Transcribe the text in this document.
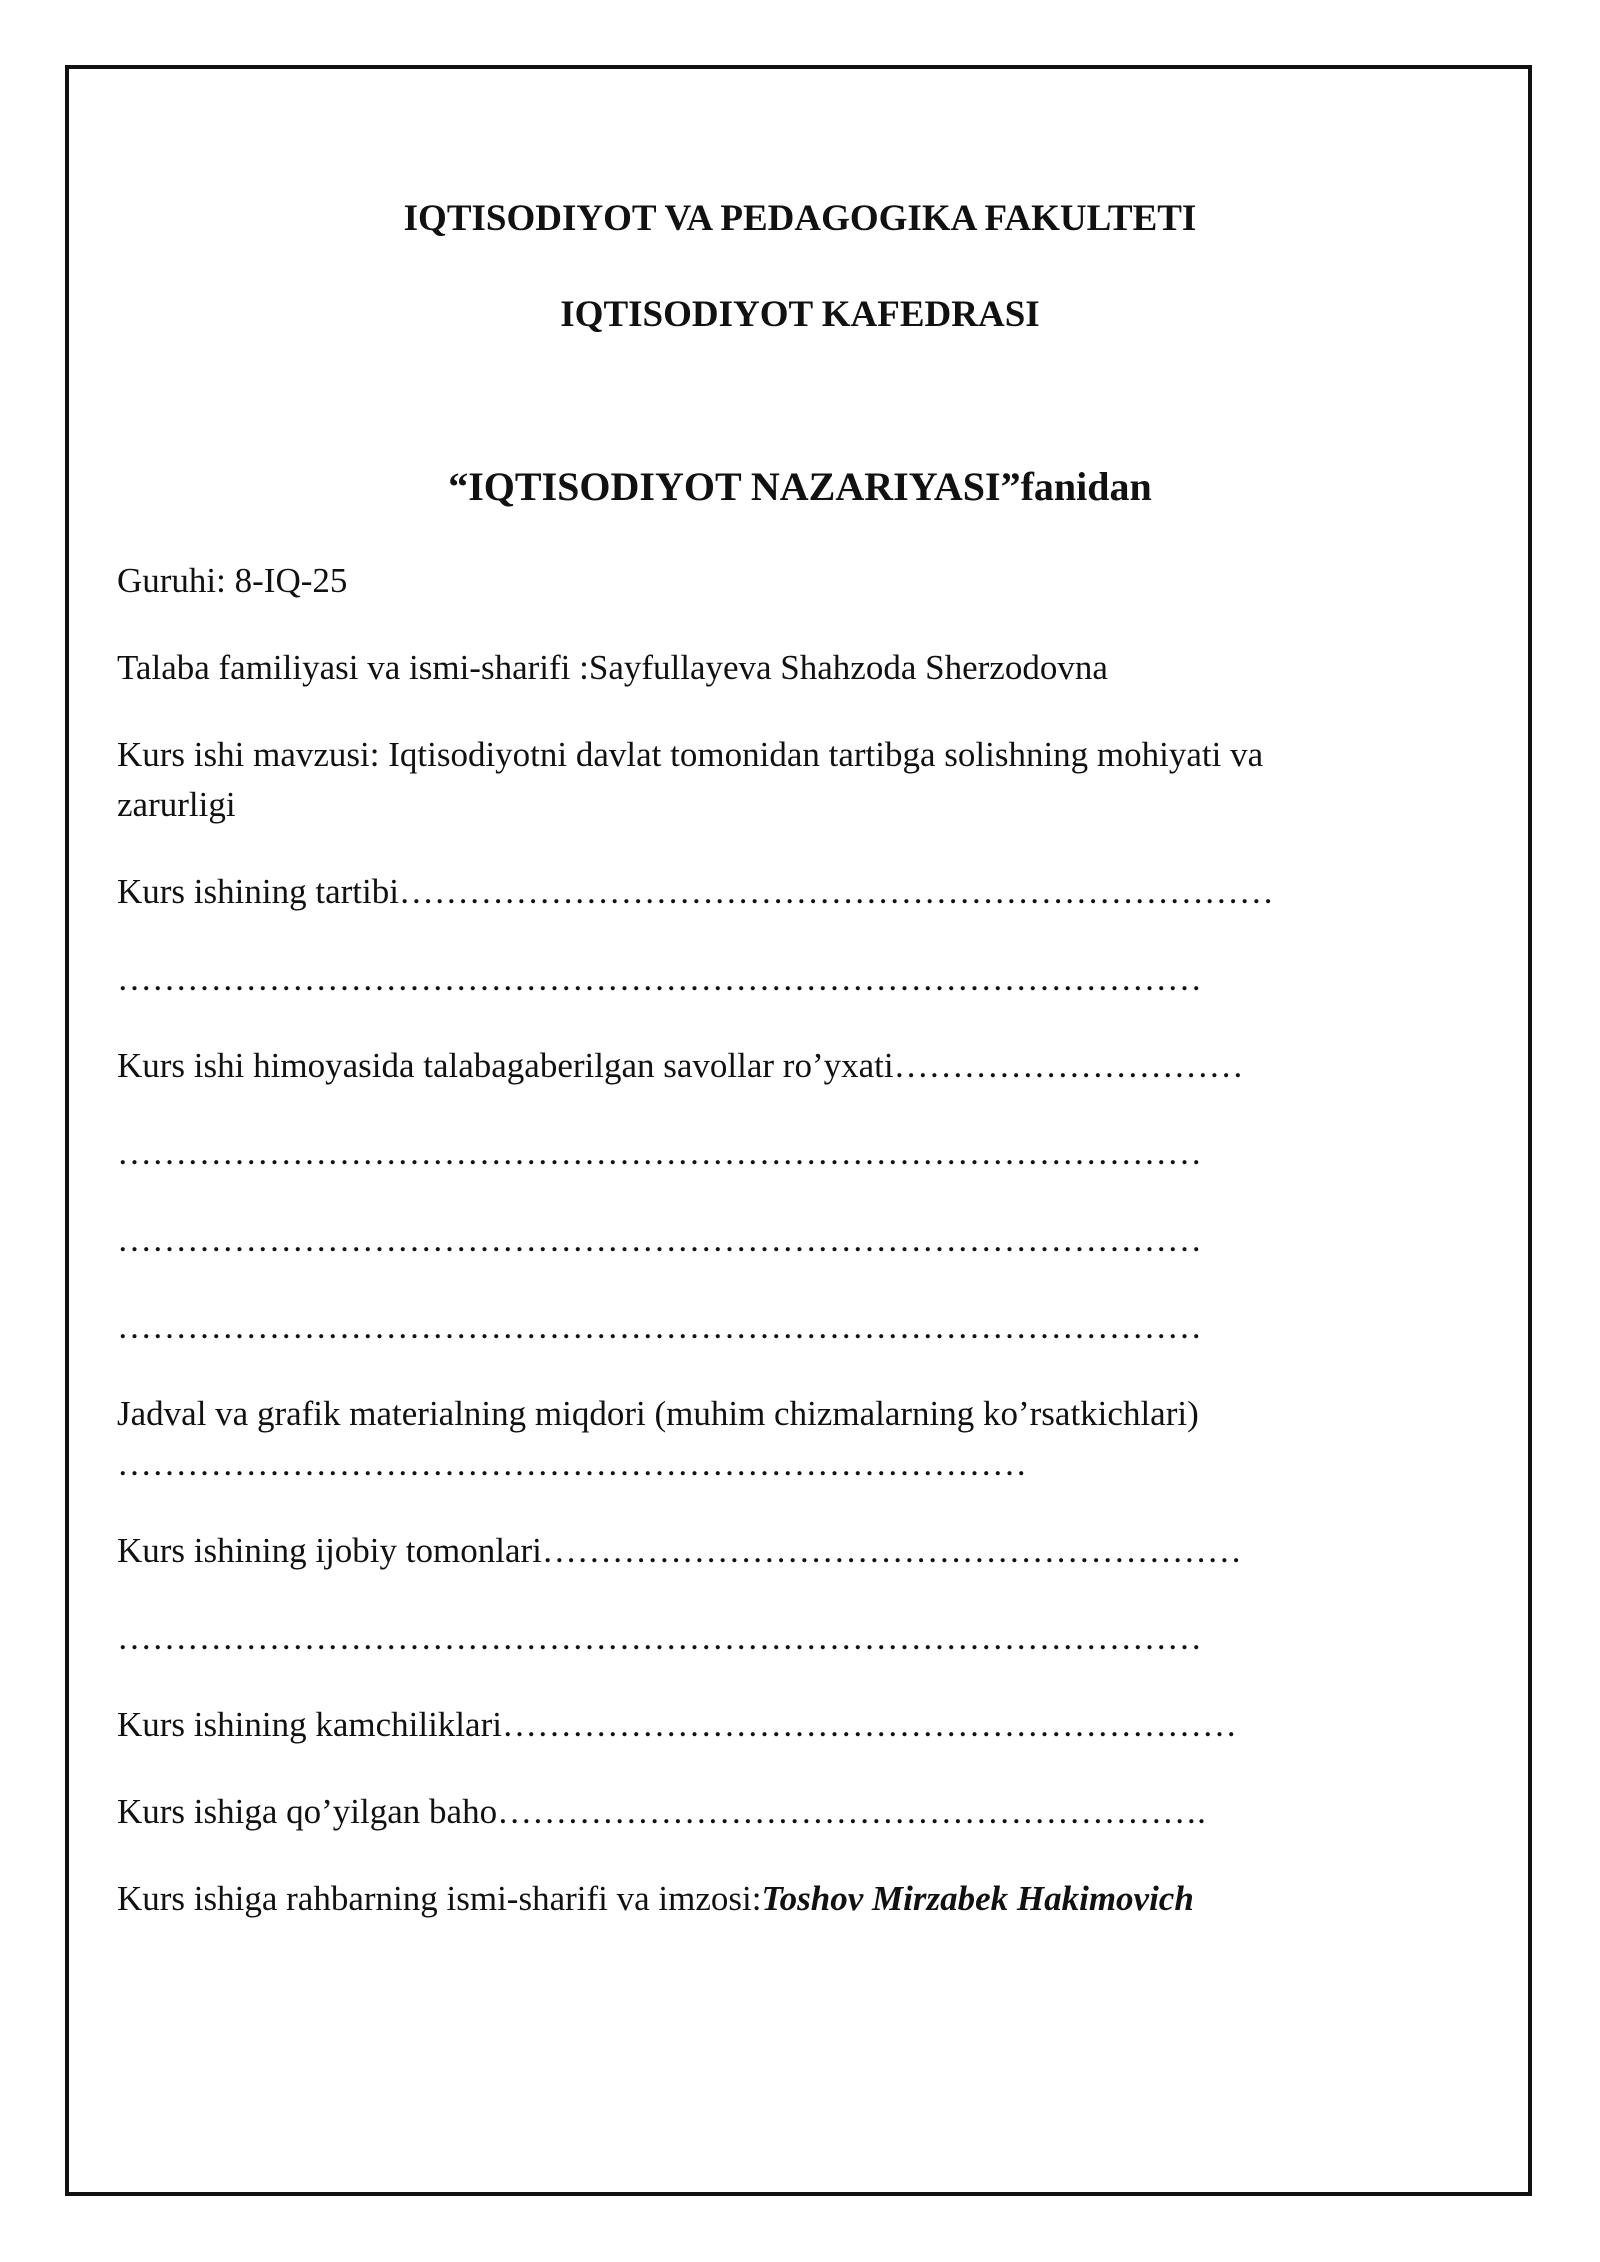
IQTISODIYOT VA PEDAGOGIKA FAKULTETI
IQTISODIYOT KAFEDRASI
“IQTISODIYOT NAZARIYASI”fanidan
Guruhi: 8-IQ-25
Talaba familiyasi va ismi-sharifi :Sayfullayeva Shahzoda Sherzodovna
Kurs ishi mavzusi: Iqtisodiyotni davlat tomonidan tartibga solishning mohiyati va
zarurligi
Kurs ishining tartibi…………………………………………………………………
…………………………………………………………………………………
Kurs ishi himoyasida talabagaberilgan savollar ro’yxati…………………………
…………………………………………………………………………………
…………………………………………………………………………………
…………………………………………………………………………………
Jadval va grafik materialning miqdori (muhim chizmalarning ko’rsatkichlari)
……………………………………………………………………
Kurs ishining ijobiy tomonlari……………………………………………………
…………………………………………………………………………………
Kurs ishining kamchiliklari………………………………………………………
Kurs ishiga qo’yilgan baho…………………………………………………….
Kurs ishiga rahbarning ismi-sharifi va imzosi:Toshov Mirzabek Hakimovich
